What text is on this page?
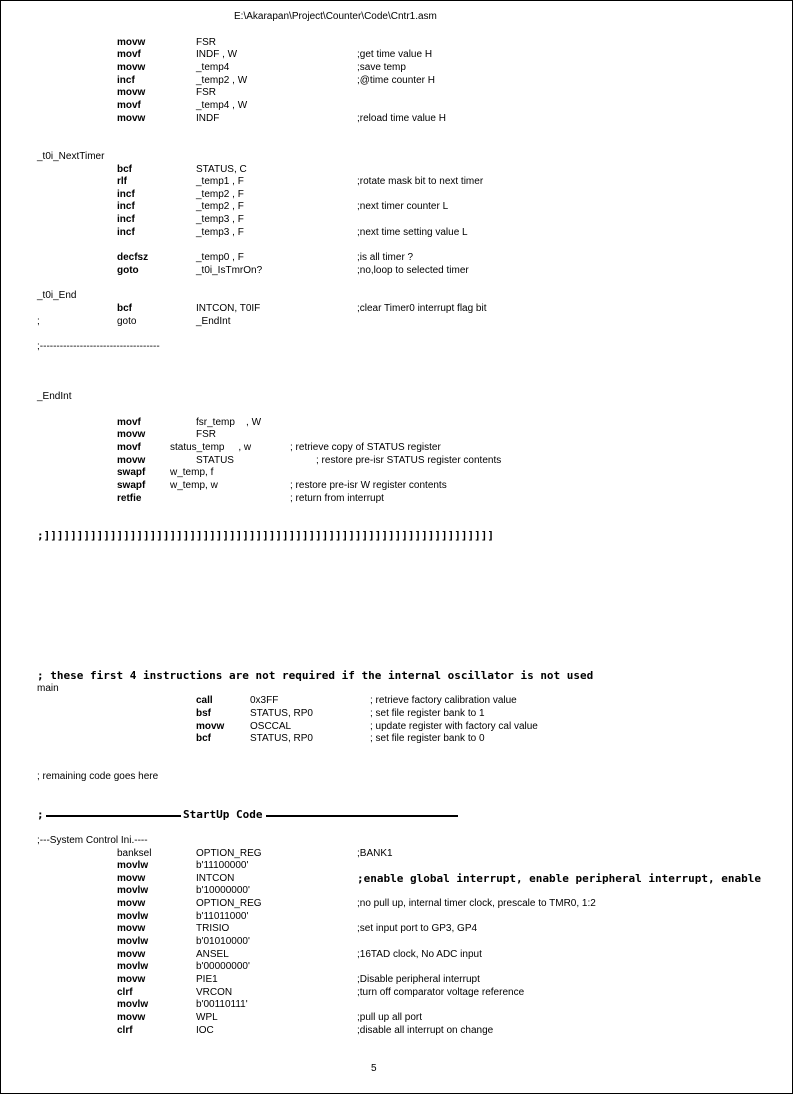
E:\Akarapan\Project\Counter\Code\Cntr1.asm
movw	FSR
movf	INDF , W	;get time value H
movw	_temp4	;save temp
incf	_temp2 , W	;@time counter H
movw	FSR
movf	_temp4 , W
movw	INDF	;reload time value H
_t0i_NextTimer
bcf	STATUS, C
rlf	_temp1 , F	;rotate mask bit to next timer
incf	_temp2 , F
incf	_temp2 , F	;next timer counter L
incf	_temp3 , F
incf	_temp3 , F	;next time setting value L
decfsz	_temp0 , F	;is all timer ?
goto	_t0i_IsTmrOn?	;no,loop to selected timer
_t0i_End
bcf	INTCON, T0IF	;clear Timer0 interrupt flag bit
;	goto	_EndInt
;------------------------------------
_EndInt
movf	fsr_temp    , W
movw	FSR
movf	status_temp     , w	; retrieve copy of STATUS register
movw	STATUS	; restore pre-isr STATUS register contents
swapf w_temp, f
swapf w_temp, w	; restore pre-isr W register contents
retfie	; return from interrupt
;]]]]]]]]]]]]]]]]]]]]]]]]]]]]]]]]]]]]]]]]]]]]]]]]]]]]]]]]]]]]]]]]]]]]
; these first 4 instructions are not required if the internal oscillator is not used
main
call	0x3FF	; retrieve factory calibration value
bsf	STATUS, RP0	; set file register bank to 1
movw	OSCCAL	; update register with factory cal value
bcf	STATUS, RP0	; set file register bank to 0
; remaining code goes here
;---System Control Ini.----
banksel	OPTION_REG	;BANK1
movlw	b'11100000'
movw	INTCON	;enable global interrupt, enable peripheral interrupt, enable
movlw	b'10000000'
movw	OPTION_REG	;no pull up, internal timer clock, prescale to TMR0, 1:2
movlw	b'11011000'
movw	TRISIO	;set input port to GP3, GP4
movlw	b'01010000'
movw	ANSEL	;16TAD clock, No ADC input
movlw	b'00000000'
movw	PIE1	;Disable peripheral interrupt
clrf	VRCON	;turn off comparator voltage reference
movlw	b'00110111'
movw	WPL	;pull up all port
clrf	IOC	;disable all interrupt on change
;	StartUp Code
5
